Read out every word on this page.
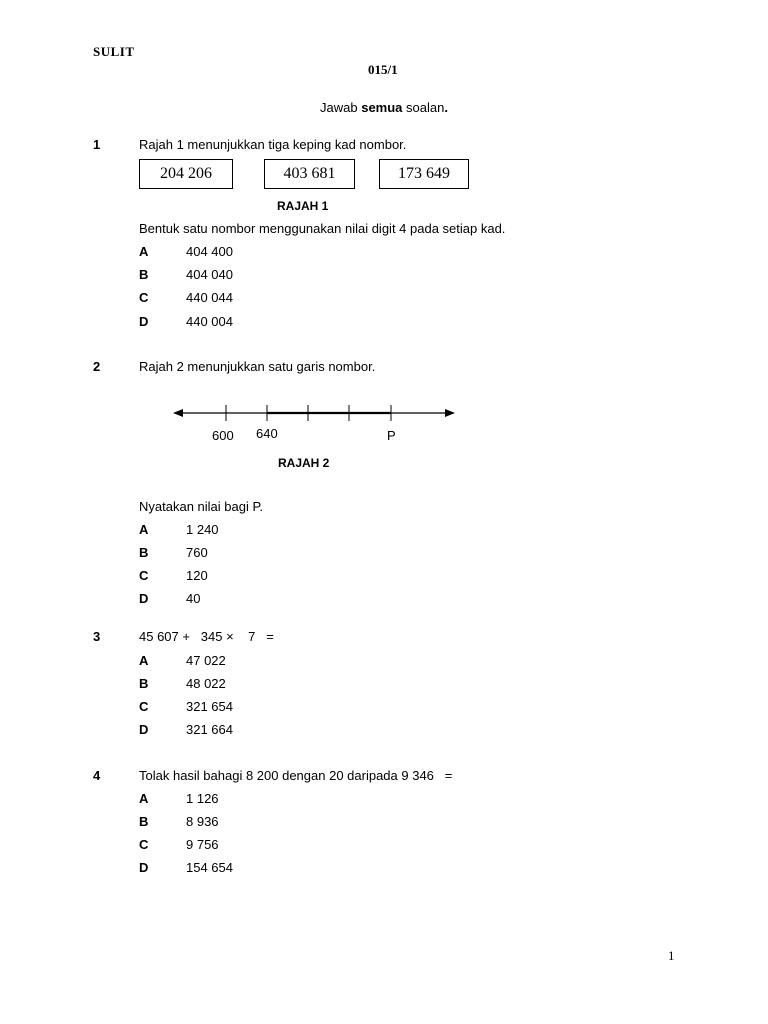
SULIT
015/1
Jawab semua soalan.
1	Rajah 1 menunjukkan tiga keping kad nombor.
204 206	403 681	173 649
RAJAH 1
Bentuk satu nombor menggunakan nilai digit 4 pada setiap kad.
A	404 400
B	404 040
C	440 044
D	440 004
2	Rajah 2 menunjukkan satu garis nombor.
600 640	P
RAJAH 2
Nyatakan nilai bagi P.
A	1 240
B	760
C	120
D	40
3	45 607 +   345 ×    7   =
A	47 022
B	48 022
C	321 654
D	321 664
4	Tolak hasil bahagi 8 200 dengan 20 daripada 9 346   =
A	1 126
B	8 936
C	9 756
D	154 654
1
